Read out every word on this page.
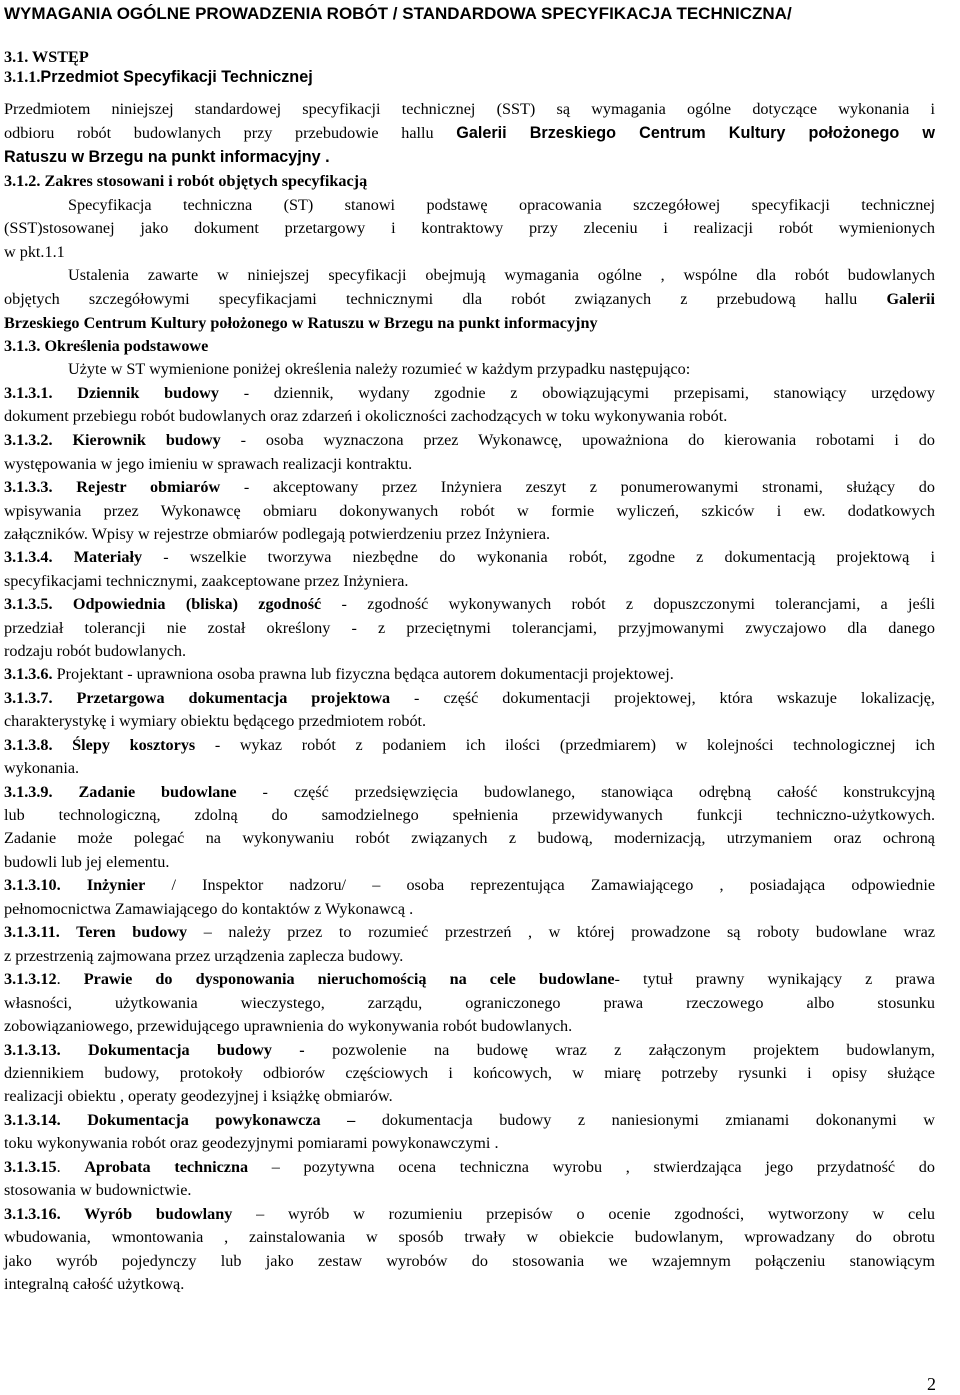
WYMAGANIA OGÓLNE PROWADZENIA ROBÓT / STANDARDOWA SPECYFIKACJA TECHNICZNA/
3.1. WSTĘP
3.1.1.Przedmiot Specyfikacji Technicznej
Przedmiotem niniejszej standardowej specyfikacji technicznej (SST) są wymagania ogólne dotyczące wykonania i
odbioru robót budowlanych przy przebudowie hallu Galerii Brzeskiego Centrum Kultury położonego w
Ratuszu w Brzegu na punkt informacyjny .
3.1.2. Zakres stosowani i robót objętych specyfikacją
Specyfikacja techniczna (ST) stanowi podstawę opracowania szczegółowej specyfikacji technicznej
(SST)stosowanej jako dokument przetargowy i kontraktowy przy zleceniu i realizacji robót wymienionych
w pkt.1.1
Ustalenia zawarte w niniejszej specyfikacji obejmują wymagania ogólne , wspólne dla robót budowlanych
objętych szczegółowymi specyfikacjami technicznymi dla robót związanych z przebudową hallu Galerii
Brzeskiego Centrum Kultury położonego w Ratuszu w Brzegu na punkt informacyjny
3.1.3. Określenia podstawowe
Użyte w ST wymienione poniżej określenia należy rozumieć w każdym przypadku następująco:
3.1.3.1. Dziennik budowy - dziennik, wydany zgodnie z obowiązującymi przepisami, stanowiący urzędowy
dokument przebiegu robót budowlanych oraz zdarzeń i okoliczności zachodzących w toku wykonywania robót.
3.1.3.2. Kierownik budowy - osoba wyznaczona przez Wykonawcę, upoważniona do kierowania robotami i do
występowania w jego imieniu w sprawach realizacji kontraktu.
3.1.3.3. Rejestr obmiarów - akceptowany przez Inżyniera zeszyt z ponumerowanymi stronami, służący do
wpisywania przez Wykonawcę obmiaru dokonywanych robót w formie wyliczeń, szkiców i ew. dodatkowych
załączników. Wpisy w rejestrze obmiarów podlegają potwierdzeniu przez Inżyniera.
3.1.3.4. Materiały - wszelkie tworzywa niezbędne do wykonania robót, zgodne z dokumentacją projektową i
specyfikacjami technicznymi, zaakceptowane przez Inżyniera.
3.1.3.5. Odpowiednia (bliska) zgodność - zgodność wykonywanych robót z dopuszczonymi tolerancjami, a jeśli
przedział tolerancji nie został określony - z przeciętnymi tolerancjami, przyjmowanymi zwyczajowo dla danego
rodzaju robót budowlanych.
3.1.3.6. Projektant - uprawniona osoba prawna lub fizyczna będąca autorem dokumentacji projektowej.
3.1.3.7. Przetargowa dokumentacja projektowa - część dokumentacji projektowej, która wskazuje lokalizację,
charakterystykę i wymiary obiektu będącego przedmiotem robót.
3.1.3.8. Ślepy kosztorys - wykaz robót z podaniem ich ilości (przedmiarem) w kolejności technologicznej ich
wykonania.
3.1.3.9. Zadanie budowlane - część przedsięwzięcia budowlanego, stanowiąca odrębną całość konstrukcyjną
lub technologiczną, zdolną do samodzielnego spełnienia przewidywanych funkcji techniczno-użytkowych.
Zadanie może polegać na wykonywaniu robót związanych z budową, modernizacją, utrzymaniem oraz ochroną
budowli lub jej elementu.
3.1.3.10. Inżynier / Inspektor nadzoru/ – osoba reprezentująca Zamawiającego , posiadająca odpowiednie
pełnomocnictwa Zamawiającego do kontaktów z Wykonawcą .
3.1.3.11. Teren budowy – należy przez to rozumieć przestrzeń , w której prowadzone są roboty budowlane wraz
z przestrzenią zajmowana przez urządzenia zaplecza budowy.
3.1.3.12. Prawie do dysponowania nieruchomością na cele budowlane- tytuł prawny wynikający z prawa
własności, użytkowania wieczystego, zarządu, ograniczonego prawa rzeczowego albo stosunku
zobowiązaniowego, przewidującego uprawnienia do wykonywania robót budowlanych.
3.1.3.13. Dokumentacja budowy - pozwolenie na budowę wraz z załączonym projektem budowlanym,
dziennikiem budowy, protokoły odbiorów częściowych i końcowych, w miarę potrzeby rysunki i opisy służące
realizacji obiektu , operaty geodezyjnej i książkę obmiarów.
3.1.3.14. Dokumentacja powykonawcza – dokumentacja budowy z naniesionymi zmianami dokonanymi w
toku wykonywania robót oraz geodezyjnymi pomiarami powykonawczymi .
3.1.3.15. Aprobata techniczna – pozytywna ocena techniczna wyrobu , stwierdzająca jego przydatność do
stosowania w budownictwie.
3.1.3.16. Wyrób budowlany – wyrób w rozumieniu przepisów o ocenie zgodności, wytworzony w celu
wbudowania, wmontowania , zainstalowania w sposób trwały w obiekcie budowlanym, wprowadzany do obrotu
jako wyrób pojedynczy lub jako zestaw wyrobów do stosowania we wzajemnym połączeniu stanowiącym
integralną całość użytkową.
2
